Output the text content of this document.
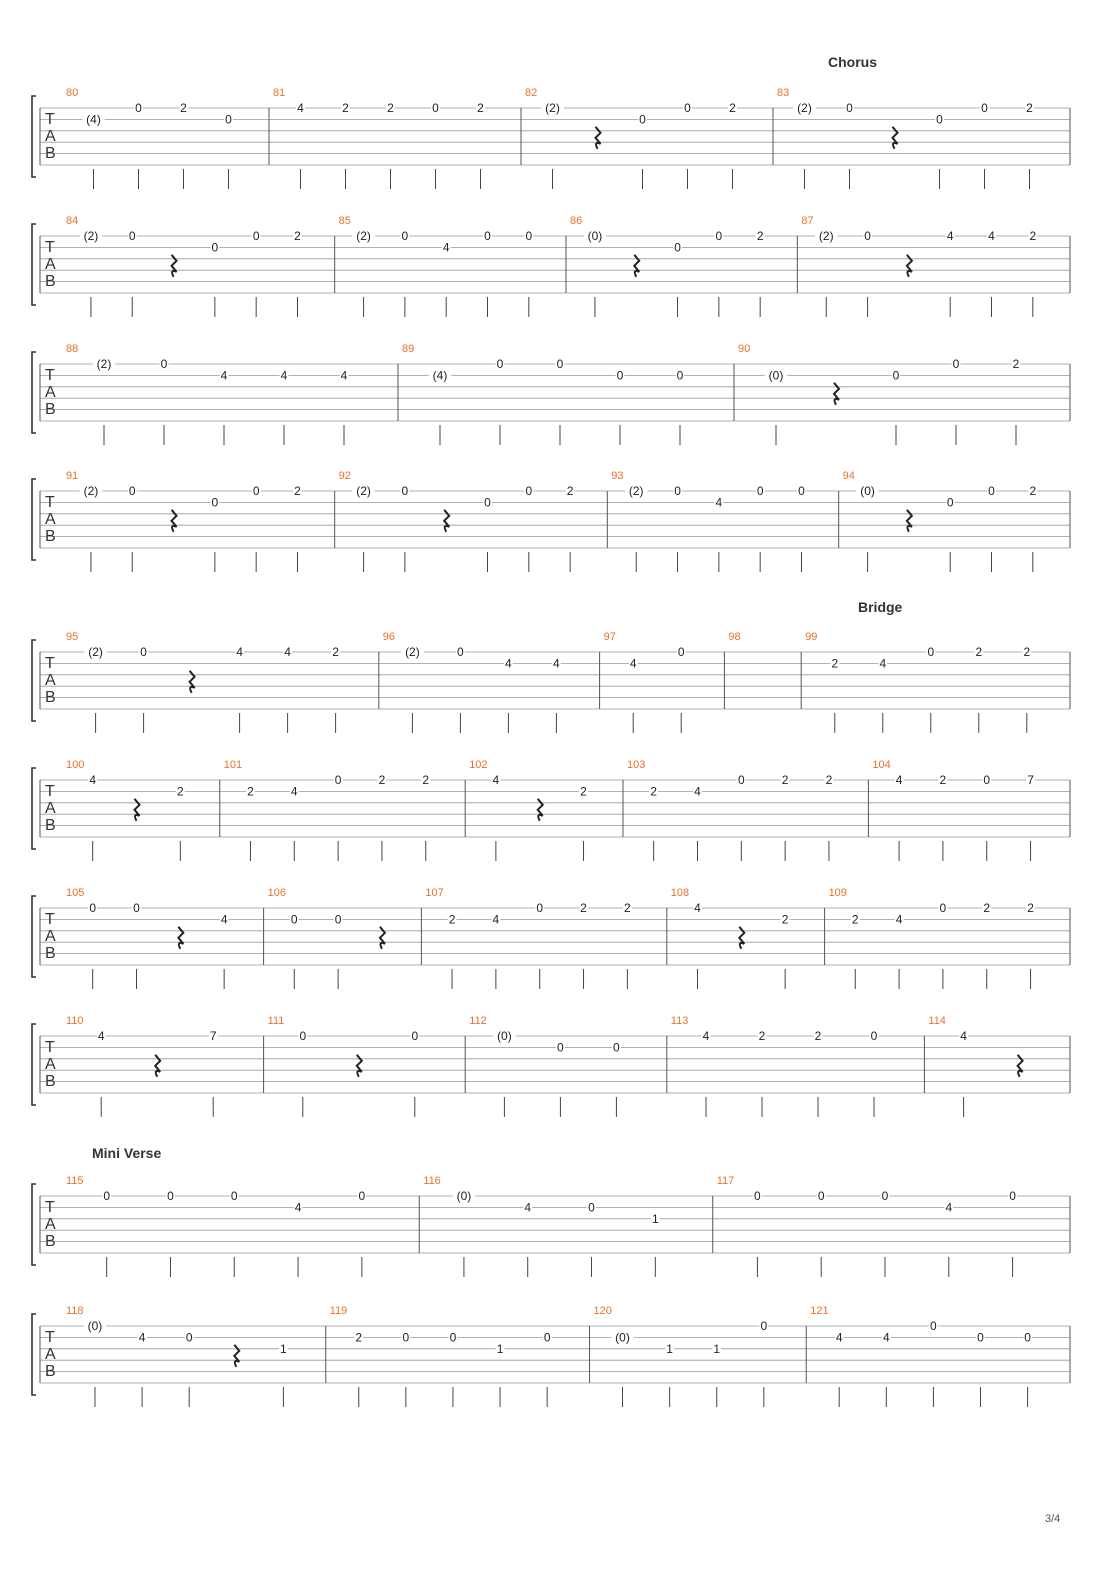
Chorus
Bridge
Mini Verse
T
A
B
80
(4)
0	2
0
81
4	2	2	0	2
82
(2)
0
0	2
83
(2)	0
0
0	2
T
A
B
84
(2)	0
0
0	2
85
(2)	0
4
0	0
86
(0)
0
0	2
87
(2)	0	4	4	2
T
A
B
88
(2)	0
4	4	4
89
(4)
0	0
0	0
90
(0)	0
0	2
T
A
B
91
(2)	0
0
0	2
92
(2)	0
0
0	2
93
(2)	0
4
0	0
94
(0)
0
0	2
T
A
B
95
(2)	0	4	4	2
96
(2)	0
4	4
97
4
0
98	99
2	4
0	2	2
T
A
B
100
4
2
101
2	4
0	2	2
102
4
2
103
2	4
0	2	2
104
4	2	0	7
T
A
B
105
0	0
4
106
0	0
107
2	4
0	2	2
108
4
2
109
2	4
0	2	2
T
A
B
110
4	7
111
0	0
112
(0)
0	0
113
4	2	2	0
114
4
T
A
B
115
0	0	0
4
0
116
(0)
4	0
1
117
0	0	0
4
0
T
A
B
118
(0)
4	0
1
119
2	0	0
1
0
120
(0)
1	1
0
121
4	4
0
0	0
3/4
